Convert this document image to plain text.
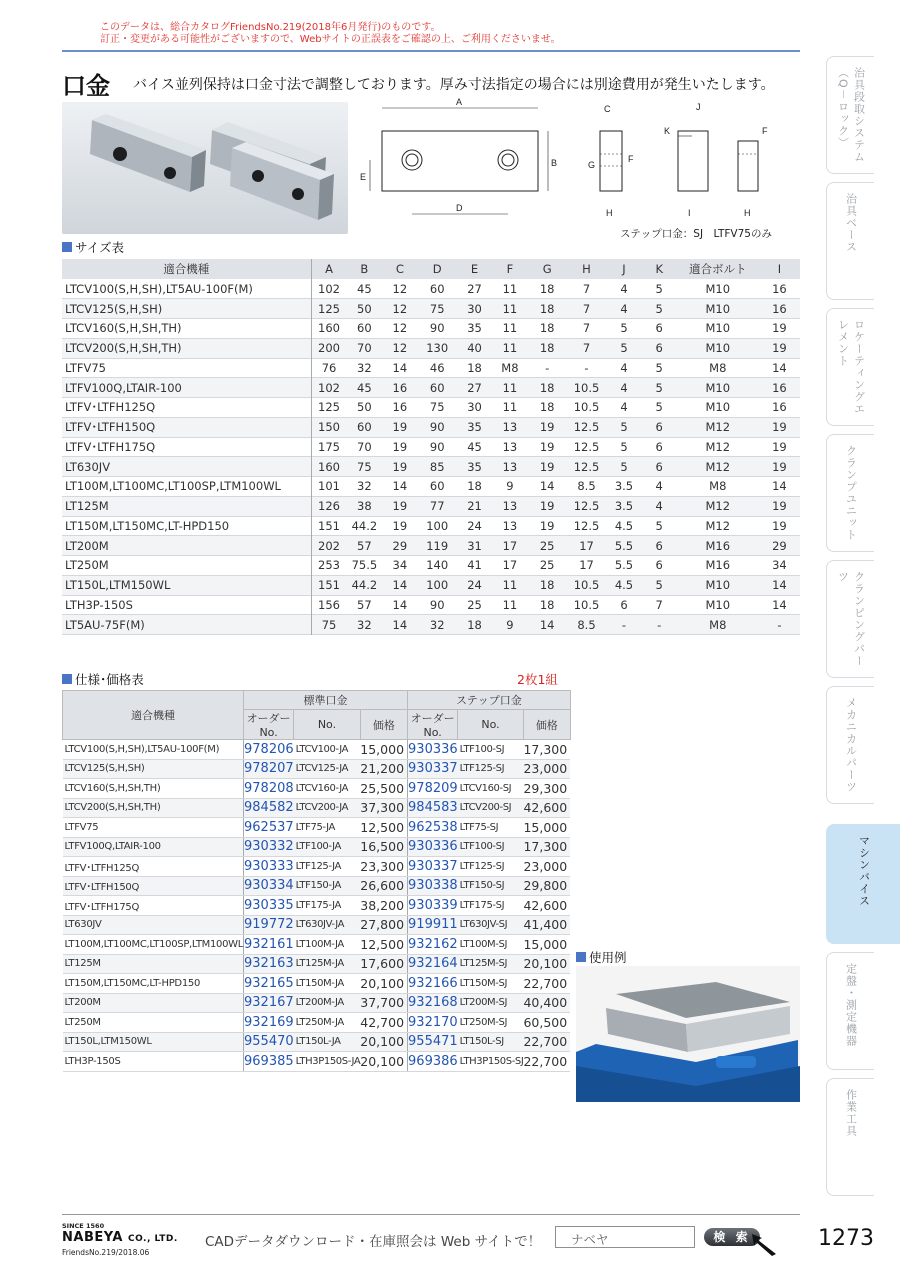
このデータは、総合カタログFriendsNo.219(2018年6月発行)のものです。
訂正・変更がある可能性がございますので、Webサイトの正誤表をご確認の上、ご利用くださいませ。
口金 バイス並列保持は口金寸法で調整しております。厚み寸法指定の場合には別途費用が発生いたします。
A
D
B
E
C
H
G
F
J
K
I	H
F
ステップ口金：SJ　LTFV75のみ
サイズ表
適合機種	A	B	C	D	E	F	G	H	J	K	適合ボルト	I
LTCV100(S,H,SH),LT5AU-100F(M)	102	45	12	60	27	11	18	7	4	5	M10	16
LTCV125(S,H,SH)	125	50	12	75	30	11	18	7	4	5	M10	16
LTCV160(S,H,SH,TH)	160	60	12	90	35	11	18	7	5	6	M10	19
LTCV200(S,H,SH,TH)	200	70	12	130	40	11	18	7	5	6	M10	19
LTFV75	76	32	14	46	18	M8	-	-	4	5	M8	14
LTFV100Q,LTAIR-100	102	45	16	60	27	11	18	10.5	4	5	M10	16
LTFV･LTFH125Q	125	50	16	75	30	11	18	10.5	4	5	M10	16
LTFV･LTFH150Q	150	60	19	90	35	13	19	12.5	5	6	M12	19
LTFV･LTFH175Q	175	70	19	90	45	13	19	12.5	5	6	M12	19
LT630JV	160	75	19	85	35	13	19	12.5	5	6	M12	19
LT100M,LT100MC,LT100SP,LTM100WL	101	32	14	60	18	9	14	8.5	3.5	4	M8	14
LT125M	126	38	19	77	21	13	19	12.5	3.5	4	M12	19
LT150M,LT150MC,LT-HPD150	151	44.2	19	100	24	13	19	12.5	4.5	5	M12	19
LT200M	202	57	29	119	31	17	25	17	5.5	6	M16	29
LT250M	253	75.5	34	140	41	17	25	17	5.5	6	M16	34
LT150L,LTM150WL	151	44.2	14	100	24	11	18	10.5	4.5	5	M10	14
LTH3P-150S	156	57	14	90	25	11	18	10.5	6	7	M10	14
LT5AU-75F(M)	75	32	14	32	18	9	14	8.5	-	-	M8	-
仕様･価格表	2枚1組
適合機種	標準口金			ステップ口金		
	オーダーNo.	No.	価格	オーダーNo.	No.	価格
LTCV100(S,H,SH),LT5AU-100F(M)	978206	LTCV100-JA	15,000	930336	LTF100-SJ	17,300
LTCV125(S,H,SH)	978207	LTCV125-JA	21,200	930337	LTF125-SJ	23,000
LTCV160(S,H,SH,TH)	978208	LTCV160-JA	25,500	978209	LTCV160-SJ	29,300
LTCV200(S,H,SH,TH)	984582	LTCV200-JA	37,300	984583	LTCV200-SJ	42,600
LTFV75	962537	LTF75-JA	12,500	962538	LTF75-SJ	15,000
LTFV100Q,LTAIR-100	930332	LTF100-JA	16,500	930336	LTF100-SJ	17,300
LTFV･LTFH125Q	930333	LTF125-JA	23,300	930337	LTF125-SJ	23,000
LTFV･LTFH150Q	930334	LTF150-JA	26,600	930338	LTF150-SJ	29,800
LTFV･LTFH175Q	930335	LTF175-JA	38,200	930339	LTF175-SJ	42,600
LT630JV	919772	LT630JV-JA	27,800	919911	LT630JV-SJ	41,400
LT100M,LT100MC,LT100SP,LTM100WL	932161	LT100M-JA	12,500	932162	LT100M-SJ	15,000
LT125M	932163	LT125M-JA	17,600	932164	LT125M-SJ	20,100
LT150M,LT150MC,LT-HPD150	932165	LT150M-JA	20,100	932166	LT150M-SJ	22,700
LT200M	932167	LT200M-JA	37,700	932168	LT200M-SJ	40,400
LT250M	932169	LT250M-JA	42,700	932170	LT250M-SJ	60,500
LT150L,LTM150WL	955470	LT150L-JA	20,100	955471	LT150L-SJ	22,700
LTH3P-150S	969385	LTH3P150S-JA	20,100	969386	LTH3P150S-SJ	22,700
使用例
治具段取システム（Q－ロック）
治具ベース
ロケーティングエレメント
クランプユニット
クランピングパーツ
メカニカルパーツ
マシンバイス
定盤・測定機器
作業工具
SINCE 1560
NABEYA CO., LTD.
FriendsNo.219/2018.06
CADデータダウンロード・在庫照会は Web サイトで！	ナベヤ	検 索	1273
